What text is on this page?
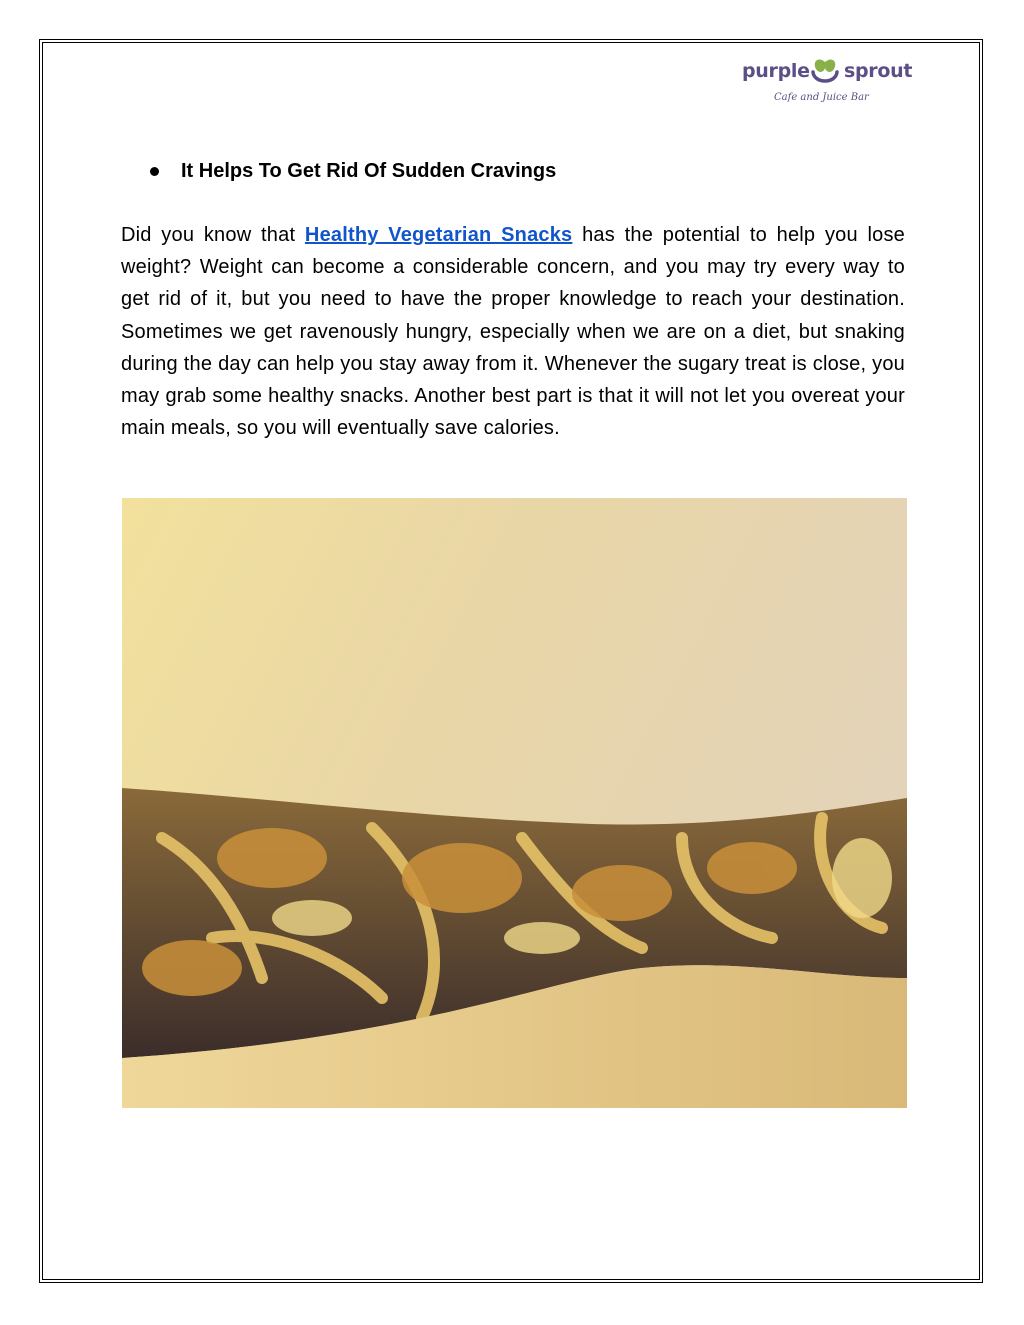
purple sprout
Cafe and Juice Bar
It Helps To Get Rid Of Sudden Cravings

Did you know that Healthy Vegetarian Snacks has the potential to help you lose weight? Weight can become a considerable concern, and you may try every way to get rid of it, but you need to have the proper knowledge to reach your destination. Sometimes we get ravenously hungry, especially when we are on a diet, but snaking during the day can help you stay away from it. Whenever the sugary treat is close, you may grab some healthy snacks. Another best part is that it will not let you overeat your main meals, so you will eventually save calories.
